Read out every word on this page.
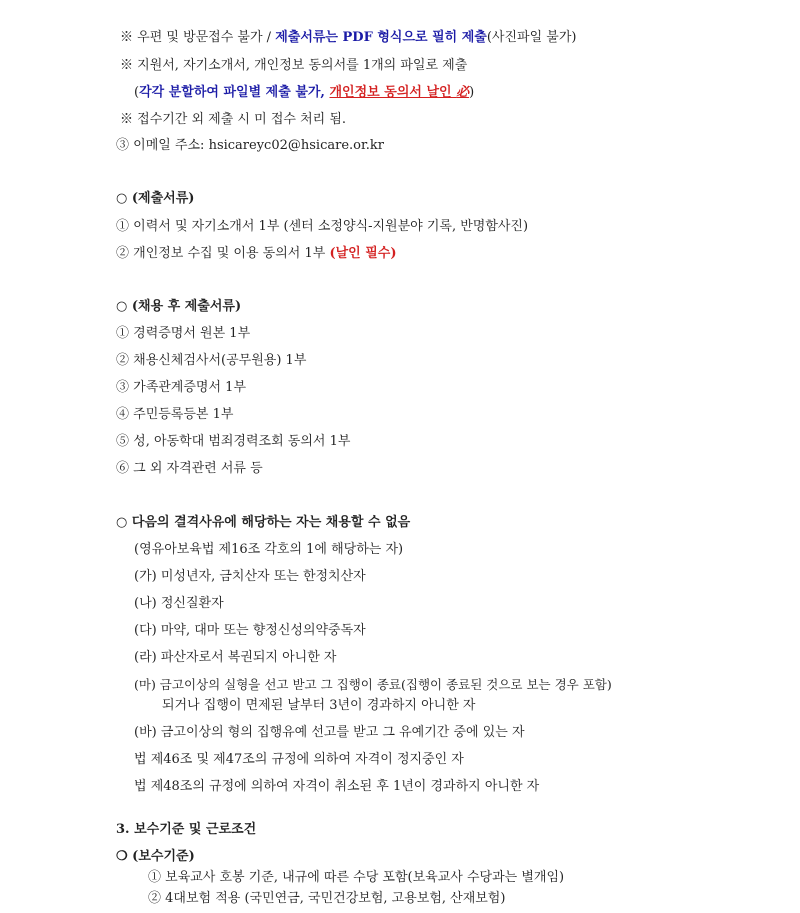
※ 우편 및 방문접수 불가 / 제출서류는 PDF 형식으로 필히 제출(사진파일 불가)
※ 지원서, 자기소개서, 개인정보 동의서를 1개의 파일로 제출
(각각 분할하여 파일별 제출 불가, 개인정보 동의서 날인 必)
※ 접수기간 외 제출 시 미 접수 처리 됨.
③ 이메일 주소: hsicareyc02@hsicare.or.kr
○ (제출서류)
① 이력서 및 자기소개서 1부 (센터 소정양식-지원분야 기록, 반명함사진)
② 개인정보 수집 및 이용 동의서 1부 (날인 필수)
○ (채용 후 제출서류)
① 경력증명서 원본 1부
② 채용신체검사서(공무원용) 1부
③ 가족관계증명서 1부
④ 주민등록등본 1부
⑤ 성, 아동학대 범죄경력조회 동의서 1부
⑥ 그 외 자격관련 서류 등
○ 다음의 결격사유에 해당하는 자는 채용할 수 없음
(영유아보육법 제16조 각호의 1에 해당하는 자)
(가) 미성년자, 금치산자 또는 한정치산자
(나) 정신질환자
(다) 마약, 대마 또는 향정신성의약중독자
(라) 파산자로서 복권되지 아니한 자
(마) 금고이상의 실형을 선고 받고 그 집행이 종료(집행이 종료된 것으로 보는 경우 포함)
되거나 집행이 면제된 날부터 3년이 경과하지 아니한 자
(바) 금고이상의 형의 집행유예 선고를 받고 그 유예기간 중에 있는 자
법 제46조 및 제47조의 규정에 의하여 자격이 정지중인 자
법 제48조의 규정에 의하여 자격이 취소된 후 1년이 경과하지 아니한 자
3. 보수기준 및 근로조건
❍ (보수기준)
① 보육교사 호봉 기준, 내규에 따른 수당 포함(보육교사 수당과는 별개임)
② 4대보험 적용 (국민연금, 국민건강보험, 고용보험, 산재보험)
